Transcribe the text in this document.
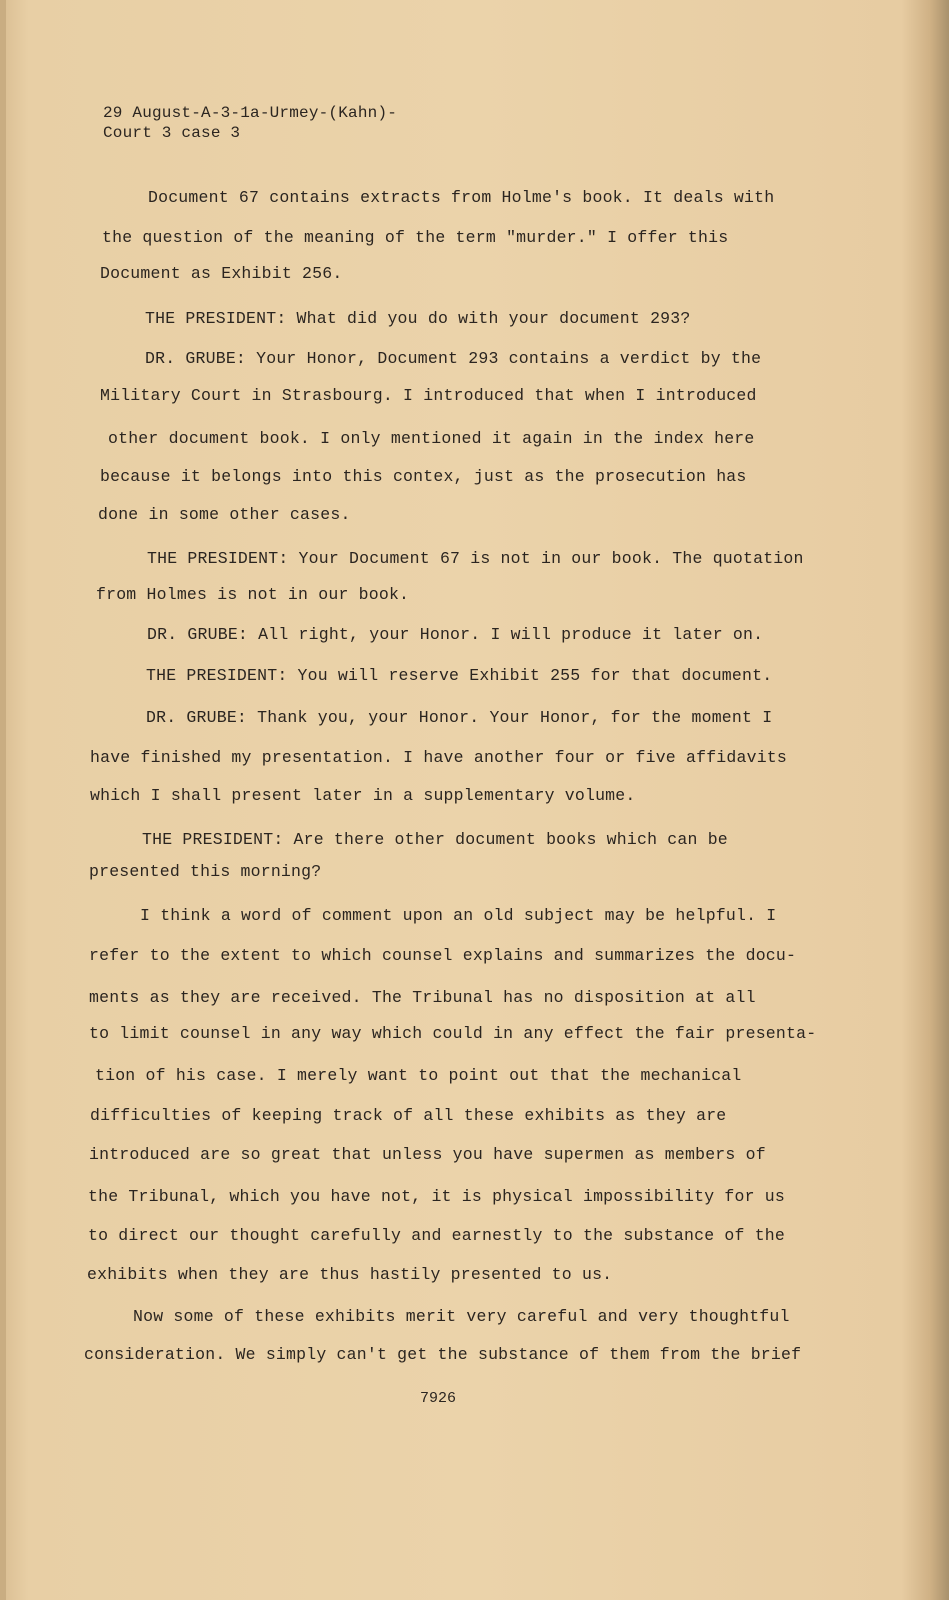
29 August-A-3-1a-Urmey-(Kahn)-
Court 3 case 3
Document 67 contains extracts from Holme's book. It deals with
the question of the meaning of the term "murder." I offer this
Document as Exhibit 256.
THE PRESIDENT: What did you do with your document 293?
DR. GRUBE: Your Honor, Document 293 contains a verdict by the
Military Court in Strasbourg. I introduced that when I introduced
other document book. I only mentioned it again in the index here
because it belongs into this contex, just as the prosecution has
done in some other cases.
THE PRESIDENT: Your Document 67 is not in our book. The quotation
from Holmes is not in our book.
DR. GRUBE: All right, your Honor. I will produce it later on.
THE PRESIDENT: You will reserve Exhibit 255 for that document.
DR. GRUBE: Thank you, your Honor. Your Honor, for the moment I
have finished my presentation. I have another four or five affidavits
which I shall present later in a supplementary volume.
THE PRESIDENT: Are there other document books which can be
presented this morning?
I think a word of comment upon an old subject may be helpful. I
refer to the extent to which counsel explains and summarizes the docu-
ments as they are received. The Tribunal has no disposition at all
to limit counsel in any way which could in any effect the fair presenta-
tion of his case. I merely want to point out that the mechanical
difficulties of keeping track of all these exhibits as they are
introduced are so great that unless you have supermen as members of
the Tribunal, which you have not, it is physical impossibility for us
to direct our thought carefully and earnestly to the substance of the
exhibits when they are thus hastily presented to us.
Now some of these exhibits merit very careful and very thoughtful
consideration. We simply can't get the substance of them from the brief
7926
